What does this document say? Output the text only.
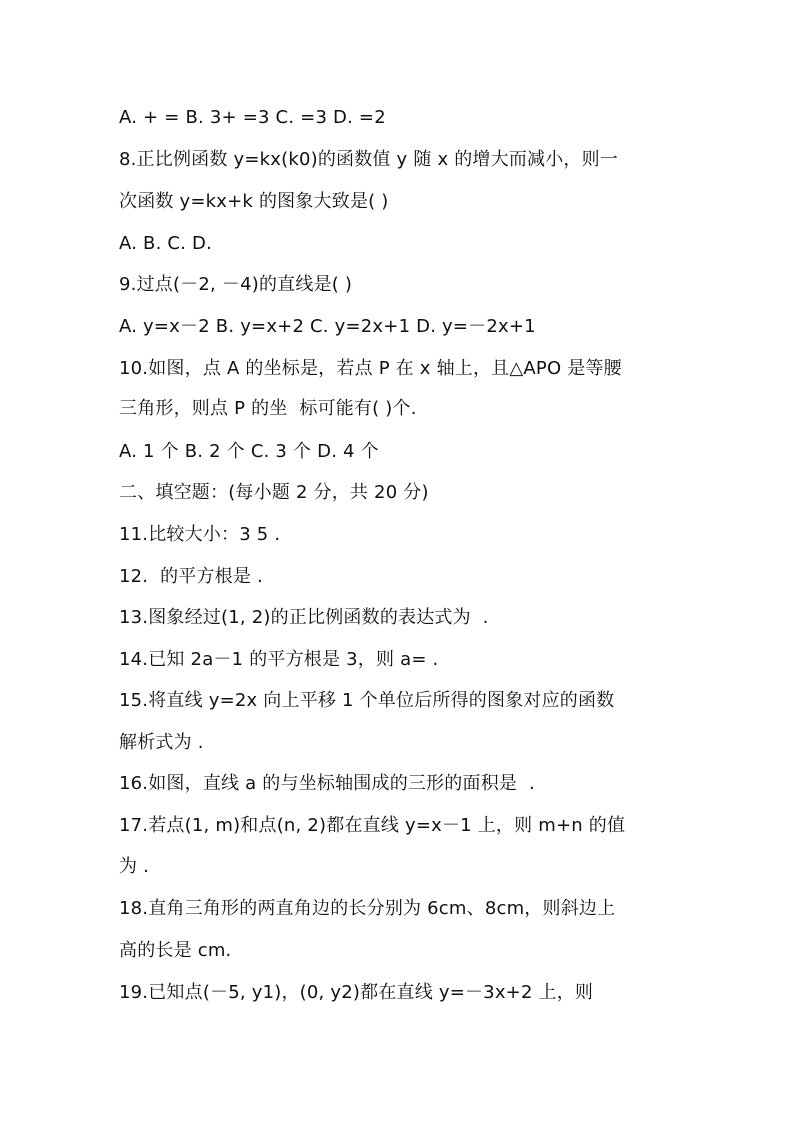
A. + = B. 3+ =3 C. =3 D. =2
8.正比例函数 y=kx(k0)的函数值 y 随 x 的增大而减小，则一
次函数 y=kx+k 的图象大致是( )
A. B. C. D.
9.过点(－2, －4)的直线是( )
A. y=x－2 B. y=x+2 C. y=2x+1 D. y=－2x+1
10.如图，点 A 的坐标是，若点 P 在 x 轴上，且△APO 是等腰
三角形，则点 P 的坐  标可能有( )个.
A. 1 个 B. 2 个 C. 3 个 D. 4 个
二、填空题：(每小题 2 分，共 20 分)
11.比较大小：3 5 .
12.  的平方根是 .
13.图象经过(1, 2)的正比例函数的表达式为  .
14.已知 2a－1 的平方根是 3，则 a= .
15.将直线 y=2x 向上平移 1 个单位后所得的图象对应的函数
解析式为 .
16.如图，直线 a 的与坐标轴围成的三形的面积是  .
17.若点(1, m)和点(n, 2)都在直线 y=x－1 上，则 m+n 的值
为 .
18.直角三角形的两直角边的长分别为 6cm、8cm，则斜边上
高的长是 cm.
19.已知点(－5, y1)，(0, y2)都在直线 y=－3x+2 上，则
